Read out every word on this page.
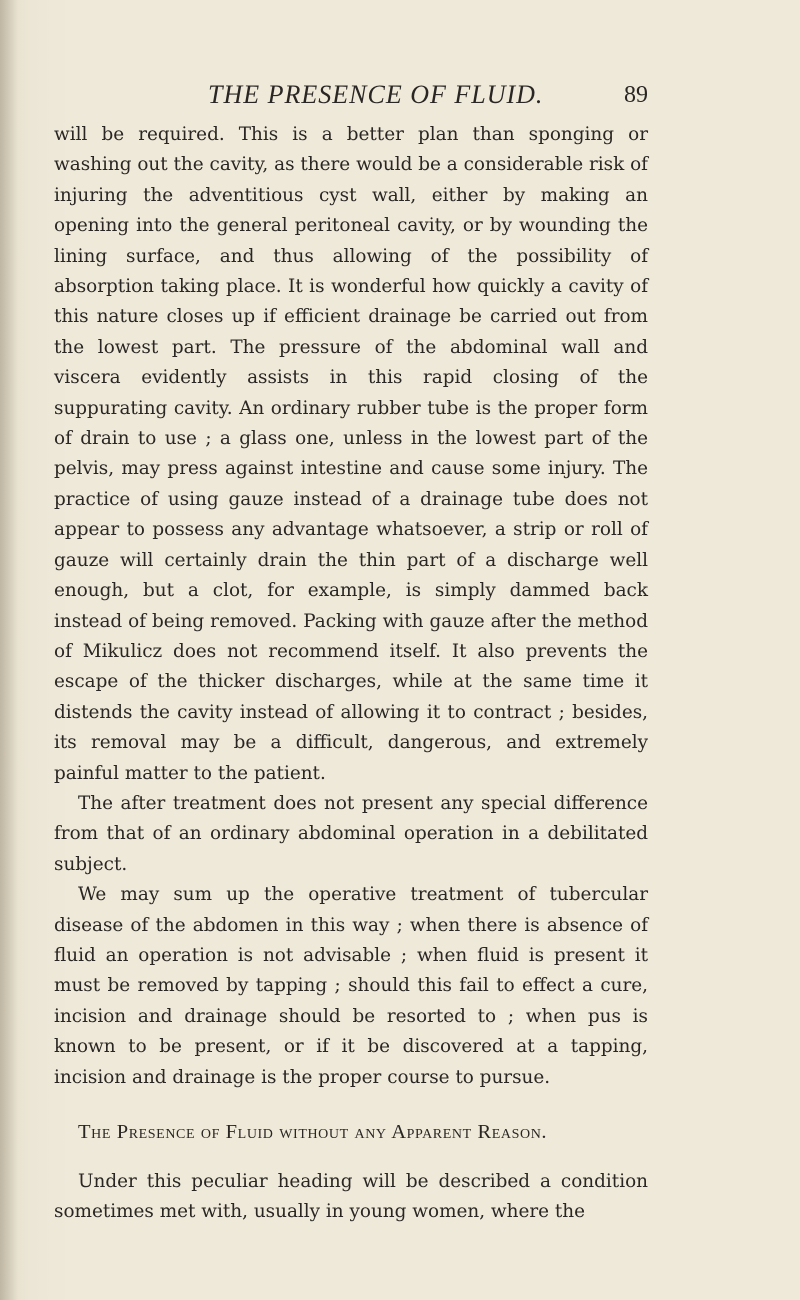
THE PRESENCE OF FLUID.	89

will be required. This is a better plan than sponging or washing out the cavity, as there would be a considerable risk of injuring the adventitious cyst wall, either by making an opening into the general peritoneal cavity, or by wounding the lining surface, and thus allowing of the possibility of absorption taking place. It is wonderful how quickly a cavity of this nature closes up if efficient drainage be carried out from the lowest part. The pressure of the abdominal wall and viscera evidently assists in this rapid closing of the suppurating cavity. An ordinary rubber tube is the proper form of drain to use ; a glass one, unless in the lowest part of the pelvis, may press against intestine and cause some injury. The practice of using gauze instead of a drainage tube does not appear to possess any advantage whatsoever, a strip or roll of gauze will certainly drain the thin part of a discharge well enough, but a clot, for example, is simply dammed back instead of being removed. Packing with gauze after the method of Mikulicz does not recommend itself. It also prevents the escape of the thicker discharges, while at the same time it distends the cavity instead of allowing it to contract ; besides, its removal may be a difficult, dangerous, and extremely painful matter to the patient.

The after treatment does not present any special difference from that of an ordinary abdominal operation in a debilitated subject.

We may sum up the operative treatment of tubercular disease of the abdomen in this way ; when there is absence of fluid an operation is not advisable ; when fluid is present it must be removed by tapping ; should this fail to effect a cure, incision and drainage should be resorted to ; when pus is known to be present, or if it be discovered at a tapping, incision and drainage is the proper course to pursue.

The Presence of Fluid without any Apparent Reason.

Under this peculiar heading will be described a condition sometimes met with, usually in young women, where the
